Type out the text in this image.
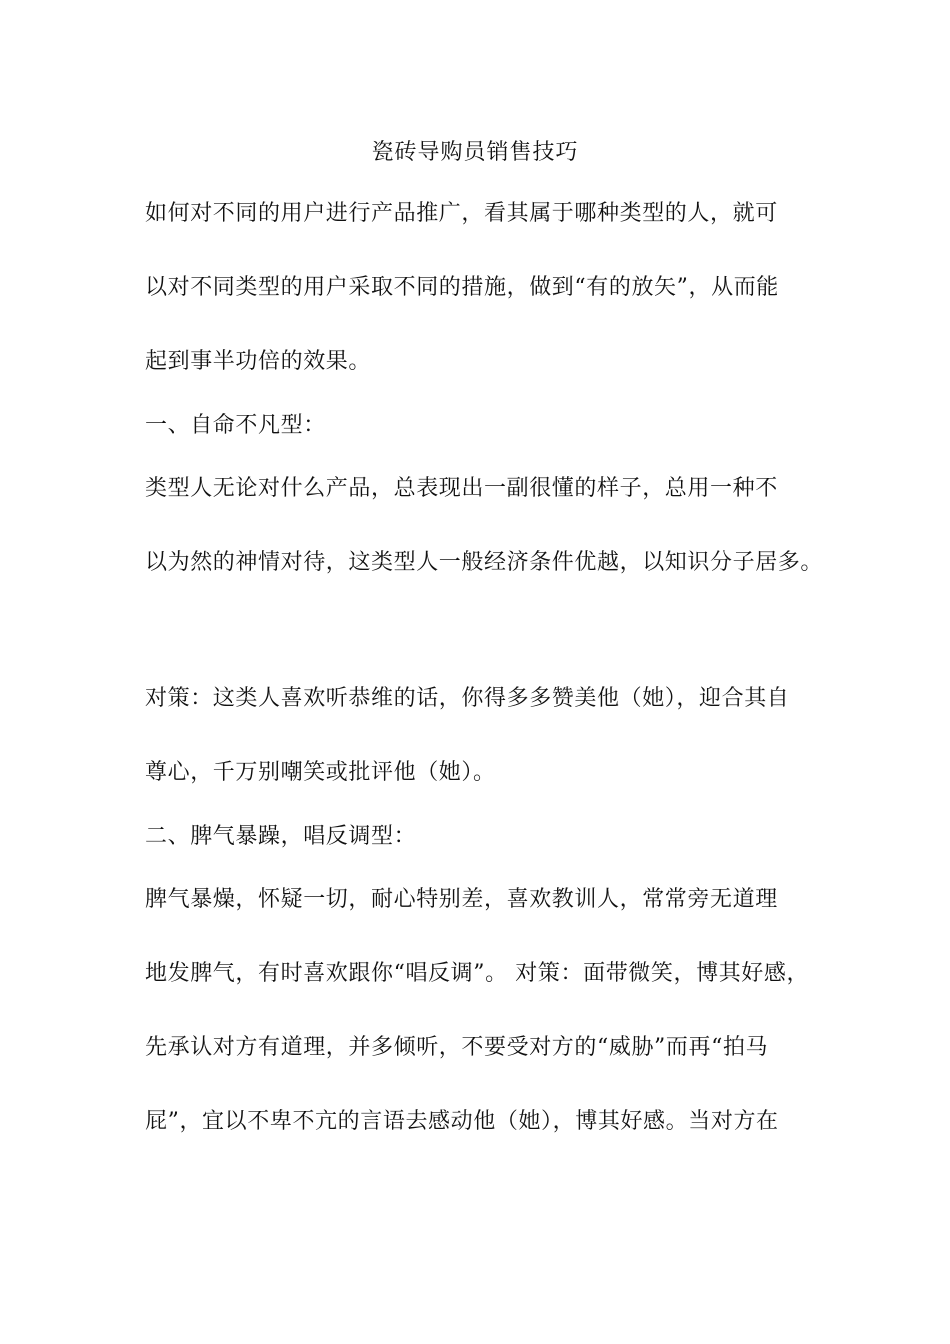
瓷砖导购员销售技巧
如何对不同的用户进行产品推广，看其属于哪种类型的人，就可
以对不同类型的用户采取不同的措施，做到“有的放矢”，从而能
起到事半功倍的效果。
一、自命不凡型：
类型人无论对什么产品，总表现出一副很懂的样子，总用一种不
以为然的神情对待，这类型人一般经济条件优越，以知识分子居多。
对策：这类人喜欢听恭维的话，你得多多赞美他（她），迎合其自
尊心，千万别嘲笑或批评他（她）。
二、脾气暴躁，唱反调型：
脾气暴燥，怀疑一切，耐心特别差，喜欢教训人，常常旁无道理
地发脾气，有时喜欢跟你“唱反调”。 对策：面带微笑，博其好感，
先承认对方有道理，并多倾听，不要受对方的“威胁”而再“拍马
屁”，宜以不卑不亢的言语去感动他（她），博其好感。当对方在
